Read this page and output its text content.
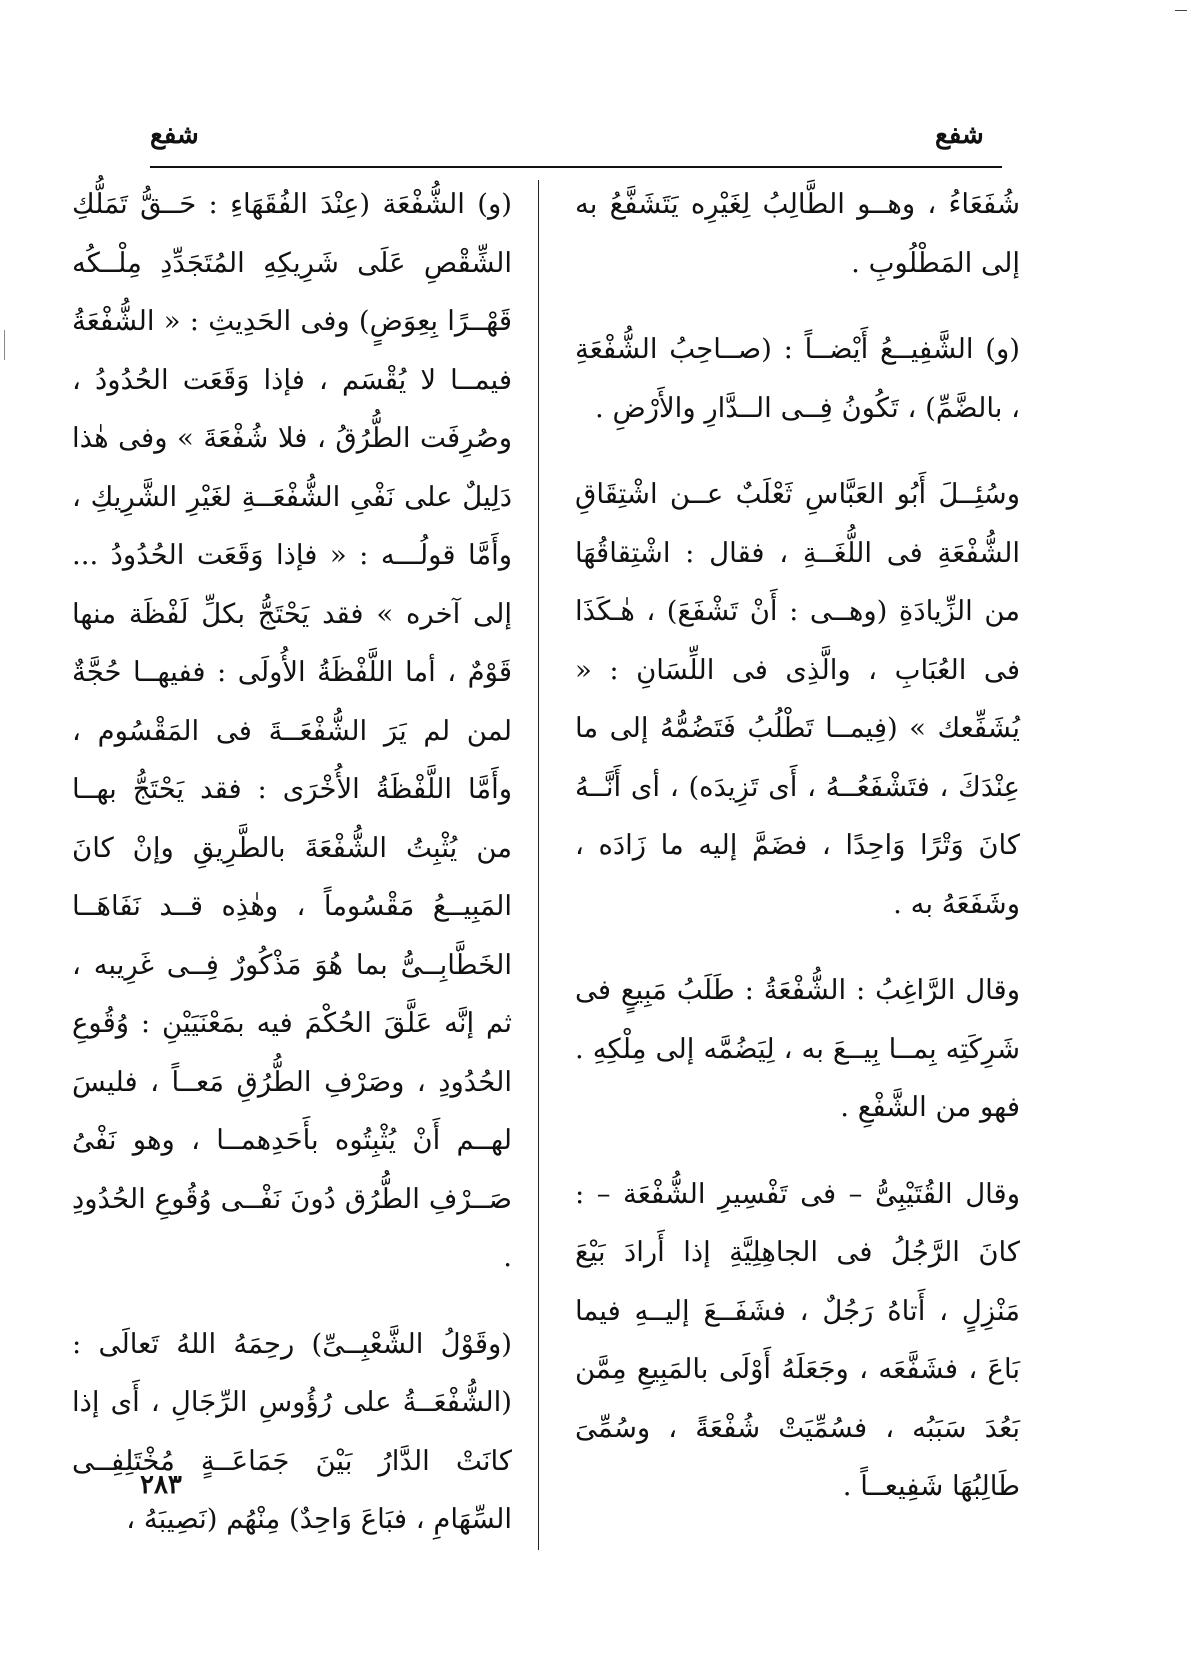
شفع
شفع

شُفَعَاءُ ، وهــو الطَّالِبُ لِغَيْرِه يَتَشَفَّعُ به إلى المَطْلُوبِ .

(و) الشَّفِيــعُ أَيْضــاً : (صــاحِبُ الشُّفْعَةِ ، بالضَّمِّ) ، تَكُونُ فِــى الــدَّارِ والأَرْضِ .

وسُئِــلَ أَبُو العَبَّاسِ ثَعْلَبٌ عــن اشْتِقَاقِ الشُّفْعَةِ فى اللُّغَــةِ ، فقال : اشْتِقاقُهَا من الزِّيادَةِ (وهــى : أَنْ تَشْفَعَ) ، هٰـكَذَا فى العُبَابِ ، والَّذِى فى اللِّسَانِ : « يُشَفِّعك » (فِيمــا تَطْلُبُ فَتَضُمُّهُ إلى ما عِنْدَكَ ، فتَشْفَعُــهُ ، أَى تَزِيدَه) ، أى أَنَّــهُ كانَ وَتْرًا وَاحِدًا ، فضَمَّ إليه ما زَادَه ، وشَفَعَهُ به .

وقال الرَّاغِبُ : الشُّفْعَةُ : طَلَبُ مَبِيعٍ فى شَرِكَتِه بِمــا بِيــعَ به ، لِيَضُمَّه إلى مِلْكِهِ . فهو من الشَّفْعِ .

وقال القُتَيْبِىُّ – فى تَفْسِيرِ الشُّفْعَة – : كانَ الرَّجُلُ فى الجاهِلِيَّةِ إذا أَرادَ بَيْعَ مَنْزِلٍ ، أَتاهُ رَجُلٌ ، فشَفَــعَ إليــهِ فيما بَاعَ ، فشَفَّعَه ، وجَعَلَهُ أَوْلَى بالمَبِيعِ مِمَّن بَعُدَ سَبَبُه ، فسُمِّيَتْ شُفْعَةً ، وسُمِّىَ طَالِبُهَا شَفِيعــاً .

(و) الشُّفْعَة (عِنْدَ الفُقَهَاءِ : حَــقُّ تَمَلُّكِ الشِّقْصِ عَلَى شَرِيكِهِ المُتَجَدِّدِ مِلْــكُه قَهْــرًا بِعِوَضٍ) وفى الحَدِيثِ : « الشُّفْعَةُ فيمــا لا يُقْسَم ، فإذا وَقَعَت الحُدُودُ ، وصُرِفَت الطُّرُقُ ، فلا شُفْعَةَ » وفى هٰذا دَلِيلٌ على نَفْىِ الشُّفْعَــةِ لغَيْرِ الشَّرِيكِ ، وأَمَّا قولُـــه : « فإذا وَقَعَت الحُدُودُ ... إلى آخره » فقد يَحْتَجُّ بكلِّ لَفْظَة منها قَوْمٌ ، أما اللَّفْظَةُ الأُولَى : ففيهــا حُجَّةٌ لمن لم يَرَ الشُّفْعَــةَ فى المَقْسُوم ، وأَمَّا اللَّفْظَةُ الأُخْرَى : فقد يَحْتَجُّ بهــا من يُثْبِتُ الشُّفْعَةَ بالطَّرِيقِ وإنْ كانَ المَبِيــعُ مَقْسُوماً ، وهٰذِه قــد نَفَاهَــا الخَطَّابِــىُّ بما هُوَ مَذْكُورٌ فِــى غَرِيبه ، ثم إنَّه عَلَّقَ الحُكْمَ فيه بمَعْنَيَيْنِ : وُقُوعِ الحُدُودِ ، وصَرْفِ الطُّرُقِ مَعــاً ، فليسَ لهــم أَنْ يُثْبِتُوه بأَحَدِهمــا ، وهو نَفْىُ صَــرْفِ الطُّرُق دُونَ نَفْــى وُقُوعِ الحُدُودِ .

(وقَوْلُ الشَّعْبِــىِّ) رحِمَهُ اللهُ تَعالَى : (الشُّفْعَــةُ على رُؤُوسِ الرِّجَالِ ، أَى إذا كانَتْ الدَّارُ بَيْنَ جَمَاعَــةٍ مُخْتَلِفِــى السِّهَامِ ، فبَاعَ وَاحِدٌ) مِنْهُم (نَصِيبَهُ ،

٢٨٣
